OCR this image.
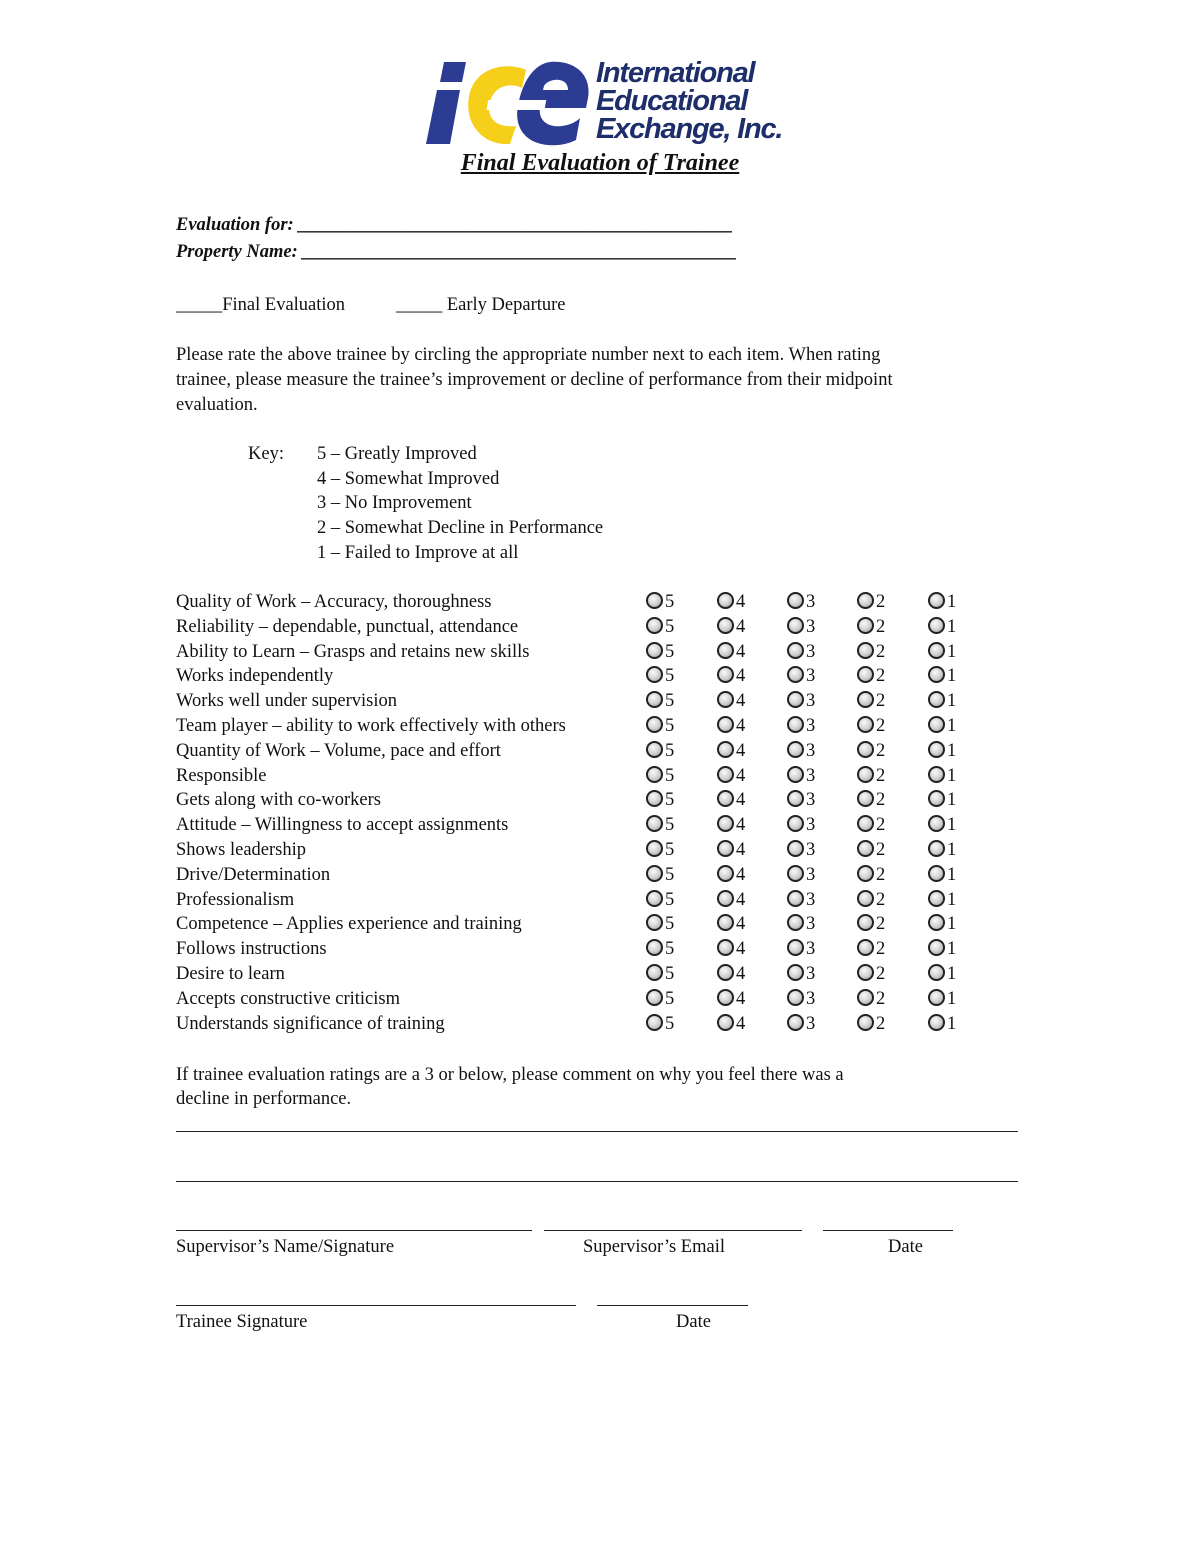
International
Educational
Exchange, Inc.
Final Evaluation of Trainee
Evaluation for: _______________________________________________
Property Name: _______________________________________________
_____Final Evaluation	_____ Early Departure
Please rate the above trainee by circling the appropriate number next to each item. When rating
trainee, please measure the trainee’s improvement or decline of performance from their midpoint
evaluation.
Key: 5 – Greatly Improved
4 – Somewhat Improved
3 – No Improvement
2 – Somewhat Decline in Performance
1 – Failed to Improve at all
Quality of Work – Accuracy, thoroughness	5	4	3	2	1
Reliability – dependable, punctual, attendance	5	4	3	2	1
Ability to Learn – Grasps and retains new skills	5	4	3	2	1
Works independently	5	4	3	2	1
Works well under supervision	5	4	3	2	1
Team player – ability to work effectively with others	5	4	3	2	1
Quantity of Work – Volume, pace and effort	5	4	3	2	1
Responsible	5	4	3	2	1
Gets along with co-workers	5	4	3	2	1
Attitude – Willingness to accept assignments	5	4	3	2	1
Shows leadership	5	4	3	2	1
Drive/Determination	5	4	3	2	1
Professionalism	5	4	3	2	1
Competence – Applies experience and training	5	4	3	2	1
Follows instructions	5	4	3	2	1
Desire to learn	5	4	3	2	1
Accepts constructive criticism	5	4	3	2	1
Understands significance of training	5	4	3	2	1
If trainee evaluation ratings are a 3 or below, please comment on why you feel there was a
decline in performance.
Supervisor’s Name/Signature	Supervisor’s Email	Date
Trainee Signature	Date
